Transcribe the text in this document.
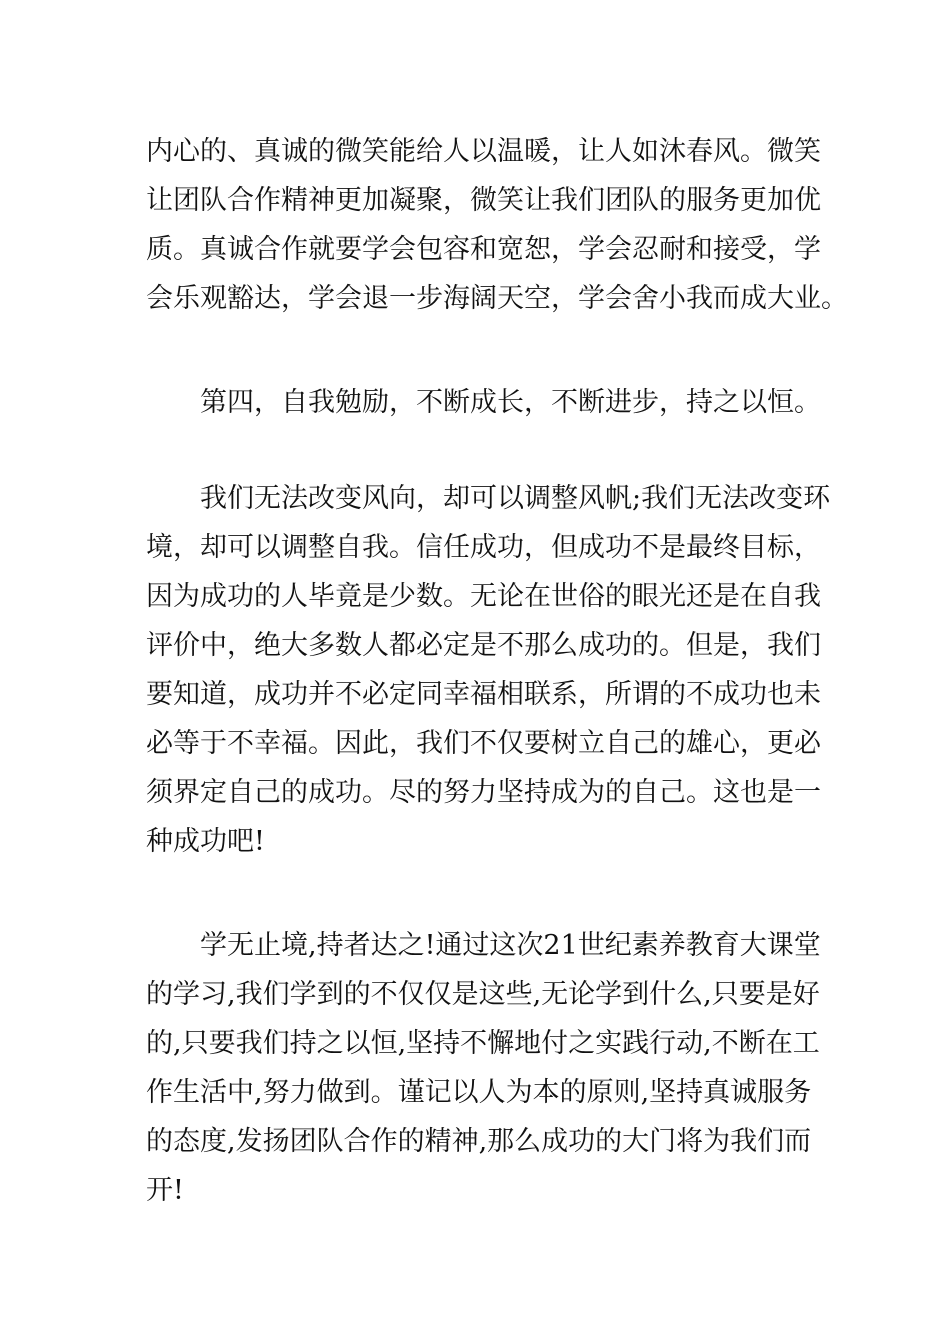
内心的、真诚的微笑能给人以温暖，让人如沐春风。微笑
让团队合作精神更加凝聚，微笑让我们团队的服务更加优
质。真诚合作就要学会包容和宽恕，学会忍耐和接受，学
会乐观豁达，学会退一步海阔天空，学会舍小我而成大业。

第四，自我勉励，不断成长，不断进步，持之以恒。

我们无法改变风向，却可以调整风帆;我们无法改变环
境，却可以调整自我。信任成功，但成功不是最终目标，
因为成功的人毕竟是少数。无论在世俗的眼光还是在自我
评价中，绝大多数人都必定是不那么成功的。但是，我们
要知道，成功并不必定同幸福相联系，所谓的不成功也未
必等于不幸福。因此，我们不仅要树立自己的雄心，更必
须界定自己的成功。尽的努力坚持成为的自己。这也是一
种成功吧!

学无止境,持者达之!通过这次21世纪素养教育大课堂
的学习,我们学到的不仅仅是这些,无论学到什么,只要是好
的,只要我们持之以恒,坚持不懈地付之实践行动,不断在工
作生活中,努力做到。谨记以人为本的原则,坚持真诚服务
的态度,发扬团队合作的精神,那么成功的大门将为我们而
开!
